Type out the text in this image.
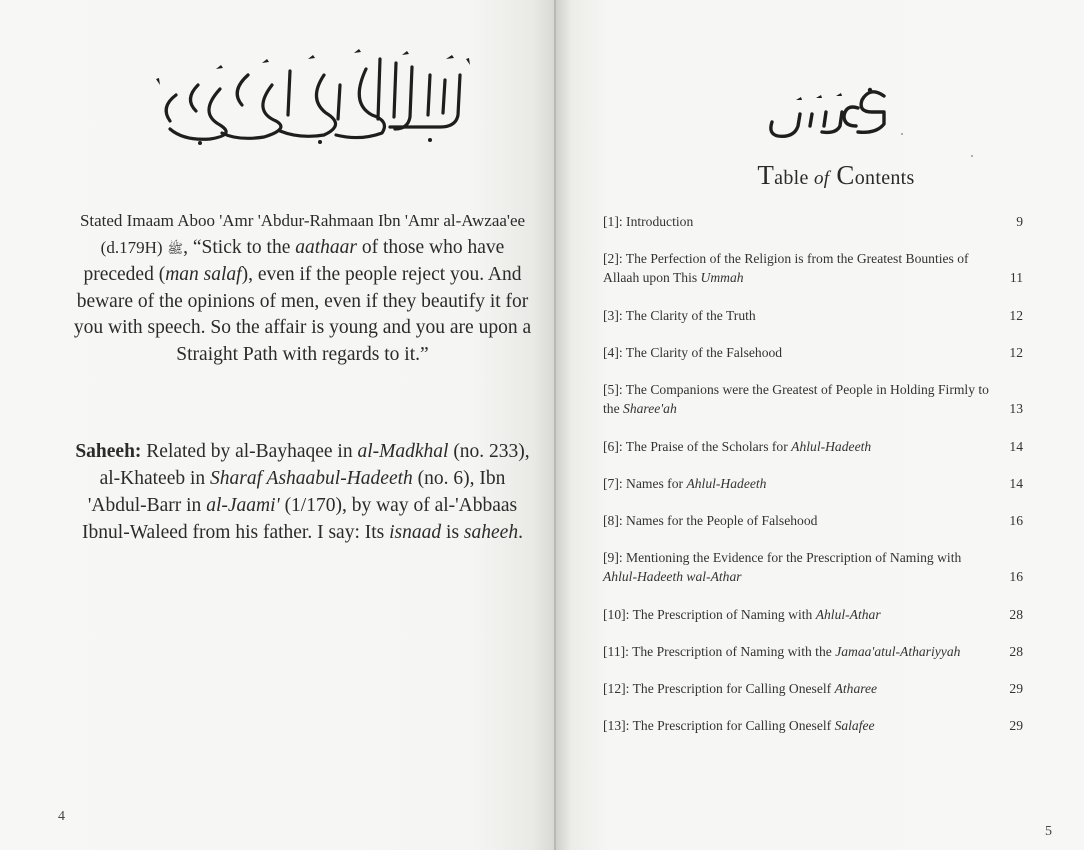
Stated Imaam Aboo 'Amr 'Abdur-Rahmaan Ibn 'Amr al-Awzaa'ee (d.179H) ﷺ, “Stick to the aathaar of those who have preceded (man salaf), even if the people reject you. And beware of the opinions of men, even if they beautify it for you with speech. So the affair is young and you are upon a Straight Path with regards to it.”
Saheeh: Related by al-Bayhaqee in al-Madkhal (no. 233), al-Khateeb in Sharaf Ashaabul-Hadeeth (no. 6), Ibn 'Abdul-Barr in al-Jaami' (1/170), by way of al-'Abbaas Ibnul-Waleed from his father. I say: Its isnaad is saheeh.
4
Table of Contents
[1]: Introduction	9
[2]: The Perfection of the Religion is from the Greatest Bounties of Allaah upon This Ummah	11
[3]: The Clarity of the Truth	12
[4]: The Clarity of the Falsehood	12
[5]: The Companions were the Greatest of People in Holding Firmly to the Sharee'ah	13
[6]: The Praise of the Scholars for Ahlul-Hadeeth	14
[7]: Names for Ahlul-Hadeeth	14
[8]: Names for the People of Falsehood	16
[9]: Mentioning the Evidence for the Prescription of Naming with Ahlul-Hadeeth wal-Athar	16
[10]: The Prescription of Naming with Ahlul-Athar	28
[11]: The Prescription of Naming with the Jamaa'atul-Athariyyah	28
[12]: The Prescription for Calling Oneself Atharee	29
[13]: The Prescription for Calling Oneself Salafee	29
5
